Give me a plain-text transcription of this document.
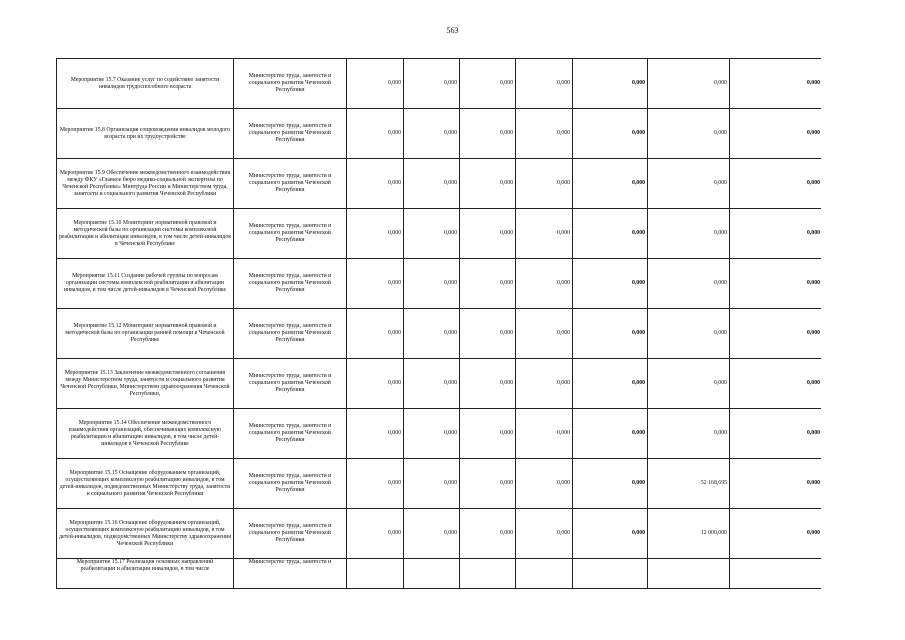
563
Мероприятие 15.7 Оказание услуг по содействию занятости инвалидов трудоспособного возраста	Министерство труда, занятости и социального развития Чеченской Республики	0,000	0,000	0,000	0,000	0,000	0,000	0,000
Мероприятие 15.8 Организация сопровождения инвалидов молодого возраста при их трудоустройстве	Министерство труда, занятости и социального развития Чеченской Республики	0,000	0,000	0,000	0,000	0,000	0,000	0,000
Мероприятие 15.9 Обеспечение межведомственного взаимодействия между ФКУ «Главное бюро медико-социальной экспертизы по Чеченской Республике» Минтруда России и Министерством труда, занятости и социального развития Чеченской Республики	Министерство труда, занятости и социального развития Чеченской Республики	0,000	0,000	0,000	0,000	0,000	0,000	0,000
Мероприятие 15.10 Мониторинг нормативной правовой и методической базы по организации системы комплексной реабилитации и абилитации инвалидов, в том числе детей-инвалидов в Чеченской Республике	Министерство труда, занятости и социального развития Чеченской Республики	0,000	0,000	0,000	0,000	0,000	0,000	0,000
Мероприятие 15.11 Создание рабочей группы по вопросам организации системы комплексной реабилитации и абилитации инвалидов, в том числе детей-инвалидов в Чеченской Республике	Министерство труда, занятости и социального развития Чеченской Республики	0,000	0,000	0,000	0,000	0,000	0,000	0,000
Мероприятие 15.12 Мониторинг нормативной правовой и методической базы по организации ранней помощи в Чеченской Республике	Министерство труда, занятости и социального развития Чеченской Республики	0,000	0,000	0,000	0,000	0,000	0,000	0,000
Мероприятие 15.13 Заключение межведомственного соглашения между Министерством труда, занятости и социального развития Чеченской Республики, Министерством здравоохранения Чеченской Республики,	Министерство труда, занятости и социального развития Чеченской Республики	0,000	0,000	0,000	0,000	0,000	0,000	0,000
Мероприятие 15.14 Обеспечение межведомственного взаимодействия организаций, обеспечивающих комплексную реабилитацию и абилитацию инвалидов, в том числе детей-инвалидов в Чеченской Республике	Министерство труда, занятости и социального развития Чеченской Республики	0,000	0,000	0,000	0,000	0,000	0,000	0,000
Мероприятие 15.15 Оснащение оборудованием организаций, осуществляющих комплексную реабилитацию инвалидов, в том детей-инвалидов, подведомственных Министерству труда, занятости и социального развития Чеченской Республики	Министерство труда, занятости и социального развития Чеченской Республики	0,000	0,000	0,000	0,000	0,000	52 168,695	0,000
Мероприятие 15.16 Оснащение оборудованием организаций, осуществляющих комплексную реабилитацию инвалидов, в том детей-инвалидов, подведомственных Министерству здравоохранения Чеченской Республики	Министерство труда, занятости и социального развития Чеченской Республики	0,000	0,000	0,000	0,000	0,000	12 000,000	0,000
Мероприятие 15.17 Реализация основных направлений реабилитации и абилитации инвалидов, в том числе	Министерство труда, занятости и							
